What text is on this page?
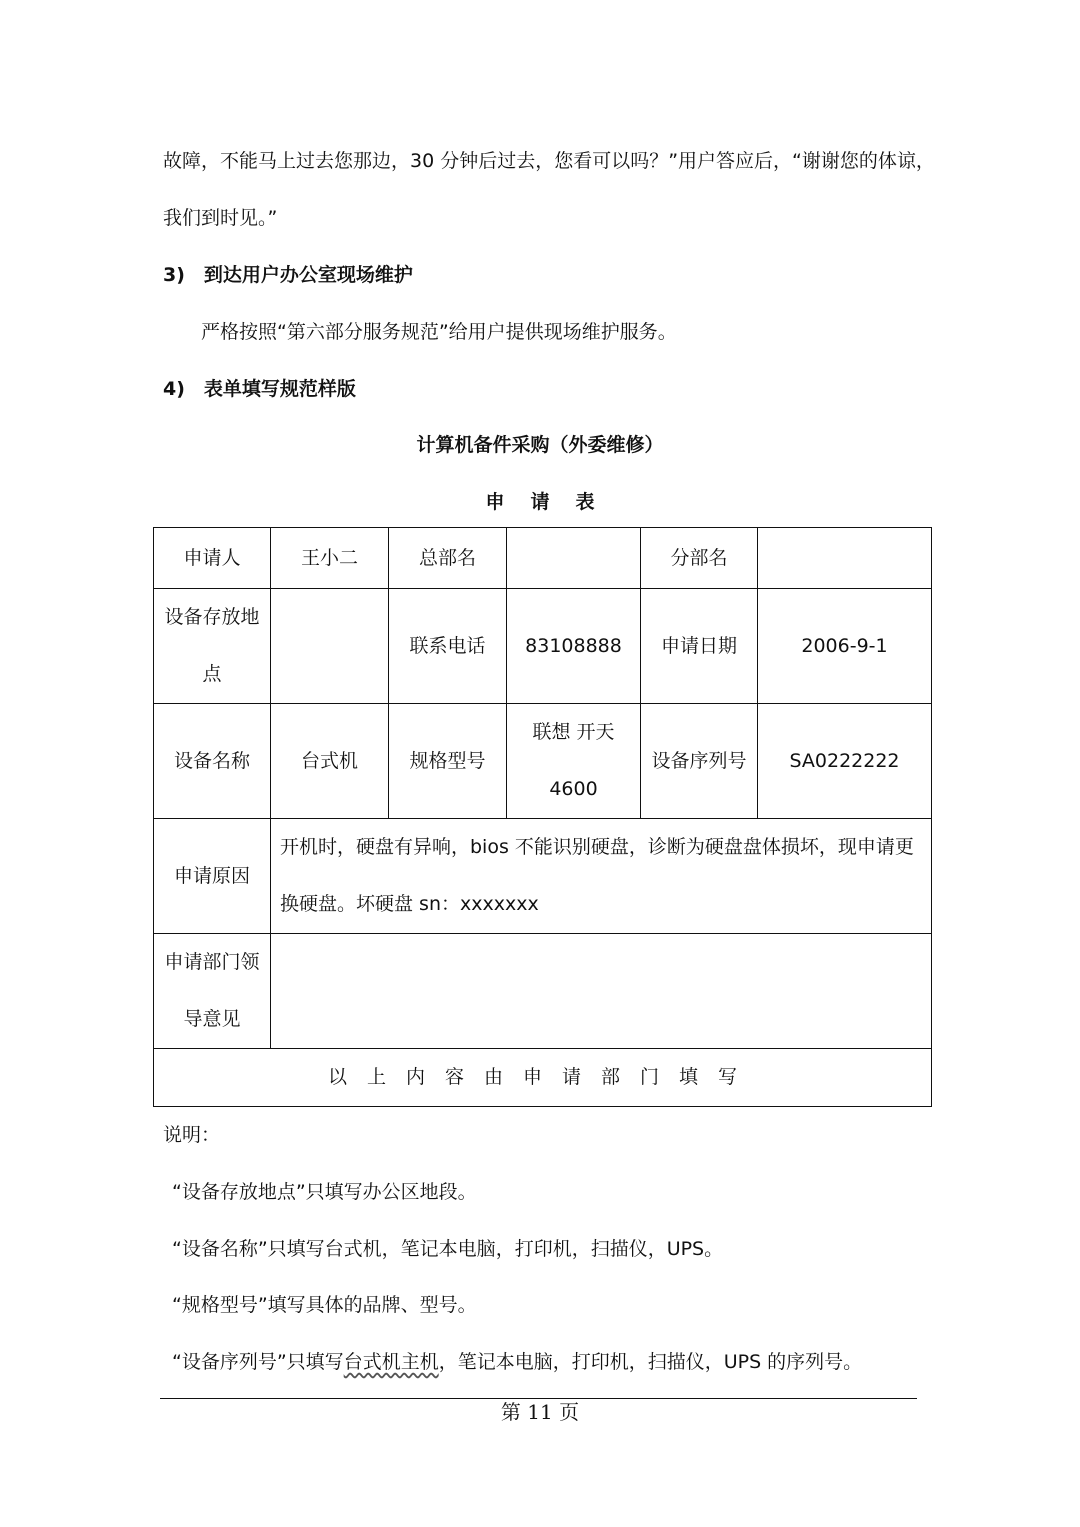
故障，不能马上过去您那边，30 分钟后过去，您看可以吗？”用户答应后，“谢谢您的体谅，
我们到时见。”
3)　到达用户办公室现场维护
严格按照“第六部分服务规范”给用户提供现场维护服务。
4)　表单填写规范样版
计算机备件采购（外委维修）
申请表
申请人	王小二	总部名		分部名	
设备存放地点		联系电话	83108888	申请日期	2006-9-1
设备名称	台式机	规格型号	联想 开天 4600	设备序列号	SA0222222
申请原因	开机时，硬盘有异响，bios 不能识别硬盘，诊断为硬盘盘体损坏，现申请更换硬盘。坏硬盘 sn：xxxxxxx				
申请部门领导意见					
以上内容由申请部门填写					
说明：
“设备存放地点”只填写办公区地段。
“设备名称”只填写台式机，笔记本电脑，打印机，扫描仪，UPS。
“规格型号”填写具体的品牌、型号。
“设备序列号”只填写台式机主机，笔记本电脑，打印机，扫描仪，UPS 的序列号。
第 11 页
